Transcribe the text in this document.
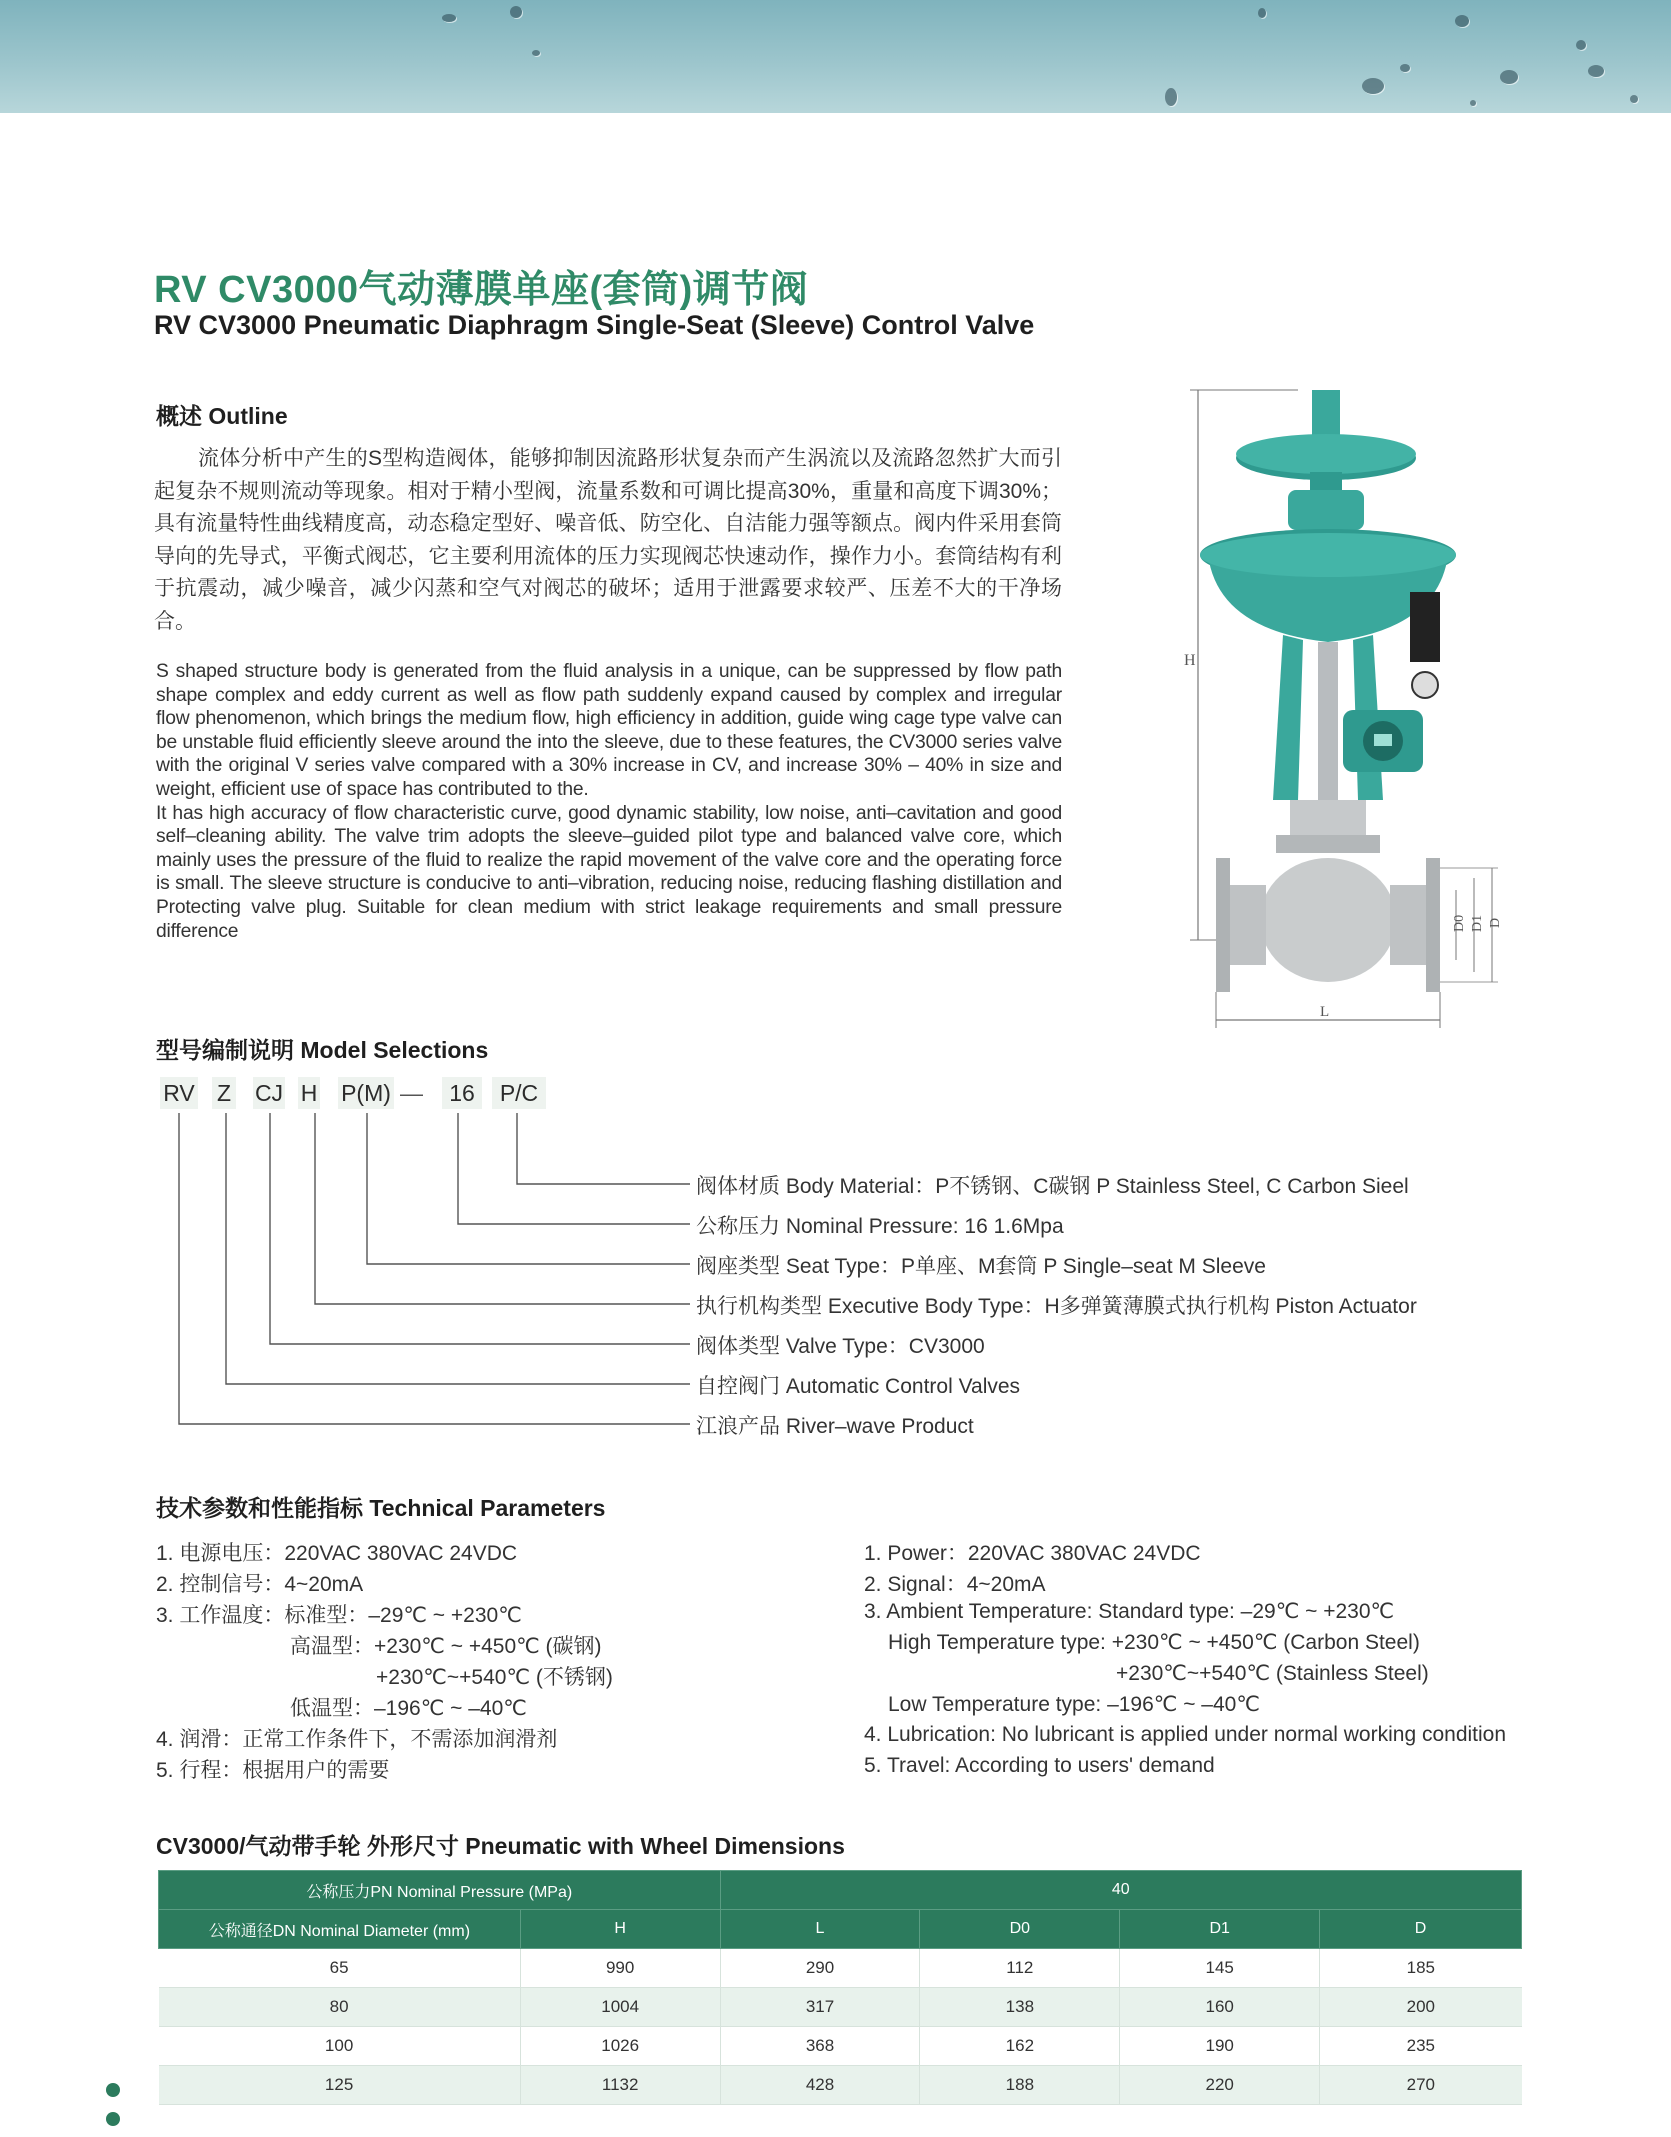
RV CV3000气动薄膜单座(套筒)调节阀
RV CV3000 Pneumatic Diaphragm Single-Seat (Sleeve) Control Valve
概述 Outline

流体分析中产生的S型构造阀体，能够抑制因流路形状复杂而产生涡流以及流路忽然扩大而引起复杂不规则流动等现象。相对于精小型阀，流量系数和可调比提高30%，重量和高度下调30%；具有流量特性曲线精度高，动态稳定型好、噪音低、防空化、自洁能力强等额点。阀内件采用套筒导向的先导式，平衡式阀芯，它主要利用流体的压力实现阀芯快速动作，操作力小。套筒结构有利于抗震动，减少噪音，减少闪蒸和空气对阀芯的破坏；适用于泄露要求较严、压差不大的干净场合。

S shaped structure body is generated from the fluid analysis in a unique, can be suppressed by flow path shape complex and eddy current as well as flow path suddenly expand caused by complex and irregular flow phenomenon, which brings the medium flow, high efficiency in addition, guide wing cage type valve can be unstable fluid efficiently sleeve around the into the sleeve, due to these features, the CV3000 series valve with the original V series valve compared with a 30% increase in CV, and increase 30% – 40% in size and weight, efficient use of space has contributed to the.

It has high accuracy of flow characteristic curve, good dynamic stability, low noise, anti–cavitation and good self–cleaning ability. The valve trim adopts the sleeve–guided pilot type and balanced valve core, which mainly uses the pressure of the fluid to realize the rapid movement of the valve core and the operating force is small. The sleeve structure is conducive to anti–vibration, reducing noise, reducing flashing distillation and Protecting valve plug. Suitable for clean medium with strict leakage requirements and small pressure difference

H
L
D0 D1 D
型号编制说明 Model Selections
RV Z CJ H P(M) —	16	P/C
阀体材质 Body Material：P不锈钢、C碳钢 P Stainless Steel, C Carbon Sieel
公称压力 Nominal Pressure: 16 1.6Mpa
阀座类型 Seat Type：P单座、M套筒 P Single–seat M Sleeve
执行机构类型 Executive Body Type：H多弹簧薄膜式执行机构 Piston Actuator
阀体类型 Valve Type：CV3000
自控阀门 Automatic Control Valves
江浪产品 River–wave Product
技术参数和性能指标 Technical Parameters
1. 电源电压：220VAC 380VAC 24VDC
2. 控制信号：4~20mA
3. 工作温度：标准型：–29℃ ~ +230℃
高温型：+230℃ ~ +450℃ (碳钢)
+230℃~+540℃ (不锈钢)
低温型：–196℃ ~ –40℃
4. 润滑：正常工作条件下，不需添加润滑剂
5. 行程：根据用户的需要
1. Power：220VAC 380VAC 24VDC
2. Signal：4~20mA
3. Ambient Temperature: Standard type: –29℃ ~ +230℃
High Temperature type: +230℃ ~ +450℃ (Carbon Steel)
+230℃~+540℃ (Stainless Steel)
Low Temperature type: –196℃ ~ –40℃
4. Lubrication: No lubricant is applied under normal working condition
5. Travel: According to users' demand
CV3000/气动带手轮 外形尺寸 Pneumatic with Wheel Dimensions
公称压力PN Nominal Pressure (MPa)		40			
公称通径DN Nominal Diameter (mm)	H	L	D0	D1	D
65	990	290	112	145	185
80	1004	317	138	160	200
100	1026	368	162	190	235
125	1132	428	188	220	270
